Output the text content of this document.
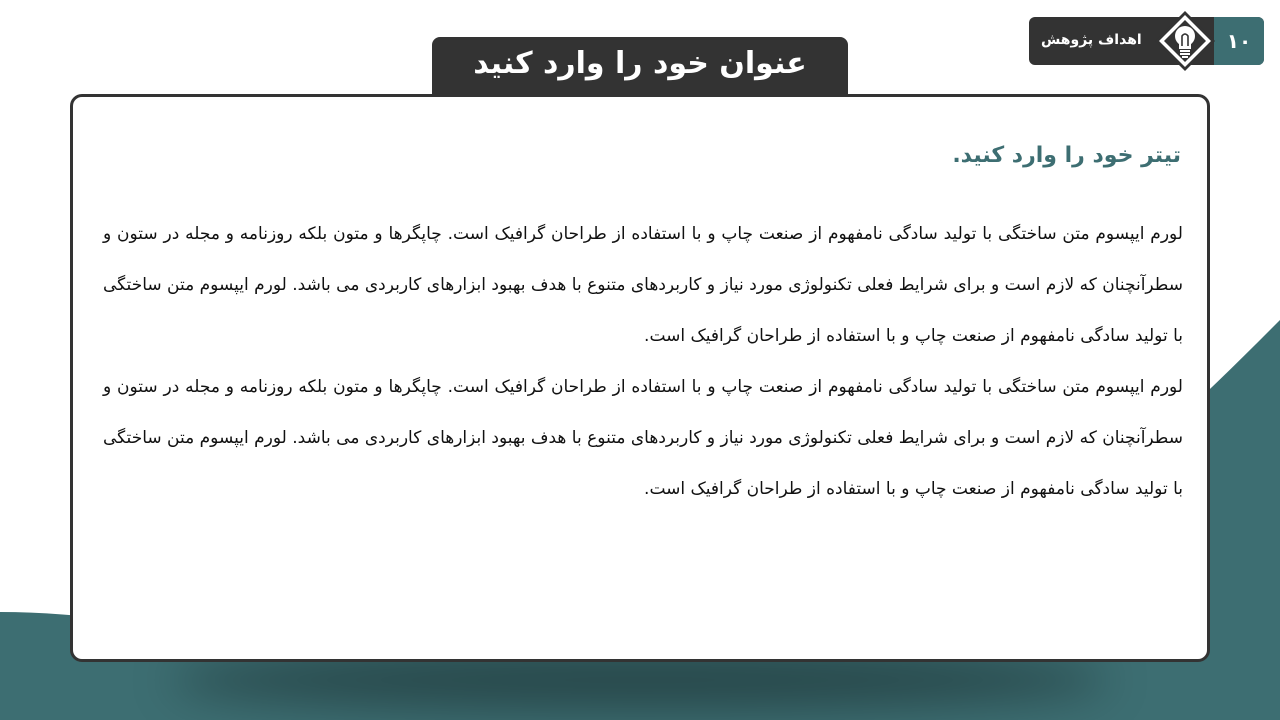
۱۰
اهداف پژوهش
عنوان خود را وارد کنید
تیتر خود را وارد کنید.

لورم ایپسوم متن ساختگی با تولید سادگی نامفهوم از صنعت چاپ و با استفاده از طراحان گرافیک است. چاپگرها و متون بلکه روزنامه و مجله در ستون و سطرآنچنان که لازم است و برای شرایط فعلی تکنولوژی مورد نیاز و کاربردهای متنوع با هدف بهبود ابزارهای کاربردی می باشد. لورم ایپسوم متن ساختگی با تولید سادگی نامفهوم از صنعت چاپ و با استفاده از طراحان گرافیک است.

لورم ایپسوم متن ساختگی با تولید سادگی نامفهوم از صنعت چاپ و با استفاده از طراحان گرافیک است. چاپگرها و متون بلکه روزنامه و مجله در ستون و سطرآنچنان که لازم است و برای شرایط فعلی تکنولوژی مورد نیاز و کاربردهای متنوع با هدف بهبود ابزارهای کاربردی می باشد. لورم ایپسوم متن ساختگی با تولید سادگی نامفهوم از صنعت چاپ و با استفاده از طراحان گرافیک است.
